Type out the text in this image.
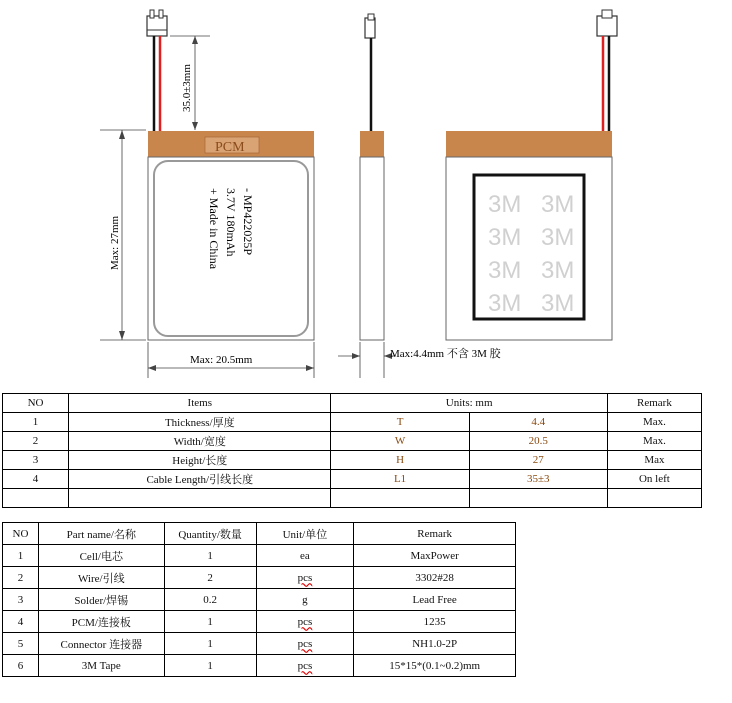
35.0±3mm
PCM
- MP422025P
3.7V 180mAh
+ Made in China
Max: 27mm
Max: 20.5mm	Max:4.4mm 不含 3M 胶
3M 3M
3M 3M
3M 3M
3M 3M
NO	Items	Units: mm		Remark
1	Thickness/厚度	T	4.4	Max.
2	Width/宽度	W	20.5	Max.
3	Height/长度	H	27	Max
4	Cable Length/引线长度	L1	35±3	On left

NO	Part name/名称	Quantity/数量	Unit/单位	Remark
1	Cell/电芯	1	ea	MaxPower
2	Wire/引线	2	pcs	3302#28
3	Solder/焊锡	0.2	g	Lead Free
4	PCM/连接板	1	pcs	1235
5	Connector 连接器	1	pcs	NH1.0-2P
6	3M Tape	1	pcs	15*15*(0.1~0.2)mm
